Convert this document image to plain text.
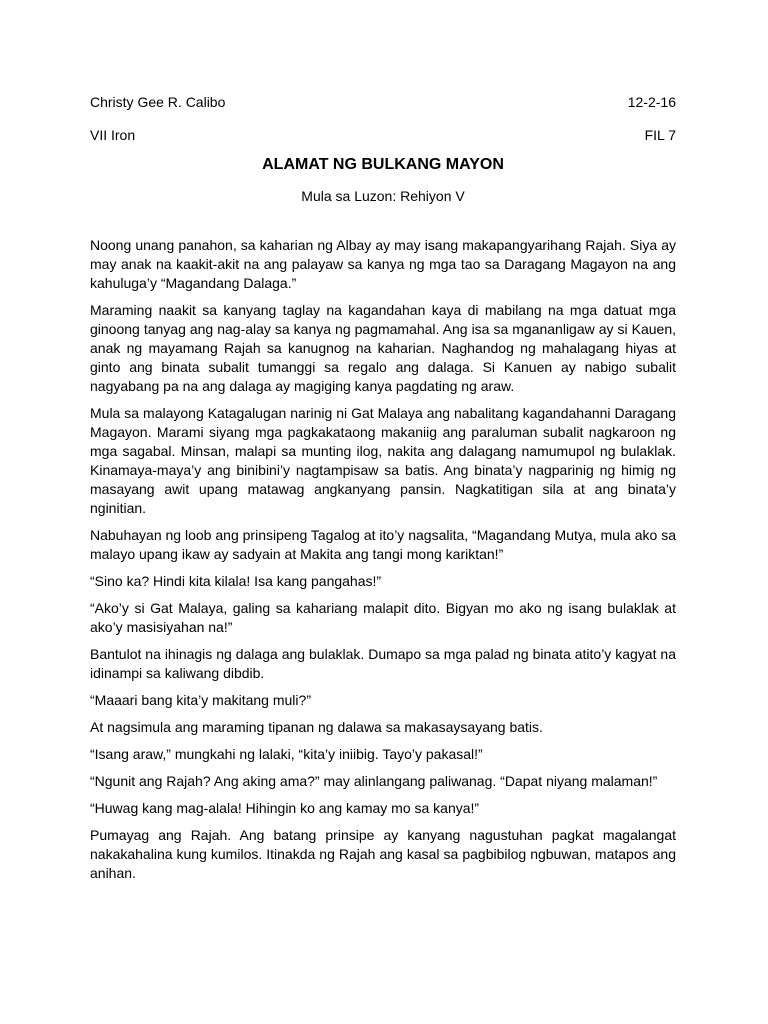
Christy Gee R. Calibo	12-2-16
VII Iron	FIL 7
ALAMAT NG BULKANG MAYON
Mula sa Luzon: Rehiyon V

Noong unang panahon, sa kaharian ng Albay ay may isang makapangyarihang Rajah. Siya ay may anak na kaakit-akit na ang palayaw sa kanya ng mga tao sa Daragang Magayon na ang kahuluga’y “Magandang Dalaga.”

Maraming naakit sa kanyang taglay na kagandahan kaya di mabilang na mga datuat mga ginoong tanyag ang nag-alay sa kanya ng pagmamahal. Ang isa sa mgananligaw ay si Kauen, anak ng mayamang Rajah sa kanugnog na kaharian. Naghandog ng mahalagang hiyas at ginto ang binata subalit tumanggi sa regalo ang dalaga. Si Kanuen ay nabigo subalit nagyabang pa na ang dalaga ay magiging kanya pagdating ng araw.

Mula sa malayong Katagalugan narinig ni Gat Malaya ang nabalitang kagandahanni Daragang Magayon. Marami siyang mga pagkakataong makaniig ang paraluman subalit nagkaroon ng mga sagabal. Minsan, malapi sa munting ilog, nakita ang dalagang namumupol ng bulaklak. Kinamaya-maya’y ang binibini’y nagtampisaw sa batis. Ang binata’y nagparinig ng himig ng masayang awit upang matawag angkanyang pansin. Nagkatitigan sila at ang binata’y nginitian.

Nabuhayan ng loob ang prinsipeng Tagalog at ito’y nagsalita, “Magandang Mutya, mula ako sa malayo upang ikaw ay sadyain at Makita ang tangi mong kariktan!”

“Sino ka? Hindi kita kilala! Isa kang pangahas!”

“Ako’y si Gat Malaya, galing sa kahariang malapit dito. Bigyan mo ako ng isang bulaklak at ako’y masisiyahan na!”

Bantulot na ihinagis ng dalaga ang bulaklak. Dumapo sa mga palad ng binata atito’y kagyat na idinampi sa kaliwang dibdib.

“Maaari bang kita’y makitang muli?”

At nagsimula ang maraming tipanan ng dalawa sa makasaysayang batis.

“Isang araw,” mungkahi ng lalaki, “kita’y iniibig. Tayo’y pakasal!”

“Ngunit ang Rajah? Ang aking ama?” may alinlangang paliwanag. “Dapat niyang malaman!”

“Huwag kang mag-alala! Hihingin ko ang kamay mo sa kanya!”

Pumayag ang Rajah. Ang batang prinsipe ay kanyang nagustuhan pagkat magalangat nakakahalina kung kumilos. Itinakda ng Rajah ang kasal sa pagbibilog ngbuwan, matapos ang anihan.
